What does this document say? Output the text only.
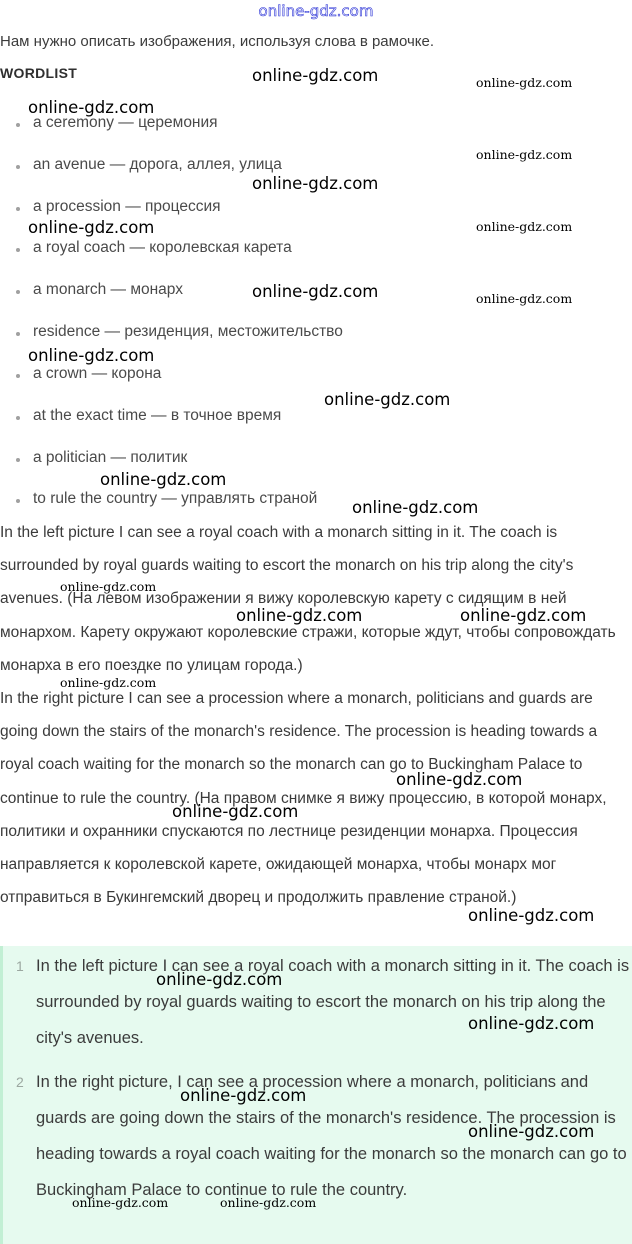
online-gdz.com
Нам нужно описать изображения, используя слова в рамочке.
WORDLIST
a ceremony — церемония
an avenue — дорога, аллея, улица
a procession — процессия
a royal coach — королевская карета
a monarch — монарх
residence — резиденция, местожительство
a crown — корона
at the exact time — в точное время
a politician — политик
to rule the country — управлять страной

In the left picture I can see a royal coach with a monarch sitting in it. The coach is surrounded by royal guards waiting to escort the monarch on his trip along the city's avenues. (На левом изображении я вижу королевскую карету с сидящим в ней монархом. Карету окружают королевские стражи, которые ждут, чтобы сопровождать монарха в его поездке по улицам города.)

In the right picture I can see a procession where a monarch, politicians and guards are going down the stairs of the monarch's residence. The procession is heading towards a royal coach waiting for the monarch so the monarch can go to Buckingham Palace to continue to rule the country. (На правом снимке я вижу процессию, в которой монарх, политики и охранники спускаются по лестнице резиденции монарха. Процессия направляется к королевской карете, ожидающей монарха, чтобы монарх мог отправиться в Букингемский дворец и продолжить правление страной.)

1 In the left picture I can see a royal coach with a monarch sitting in it. The coach is surrounded by royal guards waiting to escort the monarch on his trip along the city's avenues.
2 In the right picture, I can see a procession where a monarch, politicians and guards are going down the stairs of the monarch's residence. The procession is heading towards a royal coach waiting for the monarch so the monarch can go to Buckingham Palace to continue to rule the country.
online-gdz.com	online-gdz.com
online-gdz.com
online-gdz.com
online-gdz.com
online-gdz.com	online-gdz.com
online-gdz.com	online-gdz.com
online-gdz.com
online-gdz.com
online-gdz.com
online-gdz.com
online-gdz.com
online-gdz.com	online-gdz.com
online-gdz.com
online-gdz.com
online-gdz.com
online-gdz.com
online-gdz.com
online-gdz.com
online-gdz.com
online-gdz.com
online-gdz.com	online-gdz.com
